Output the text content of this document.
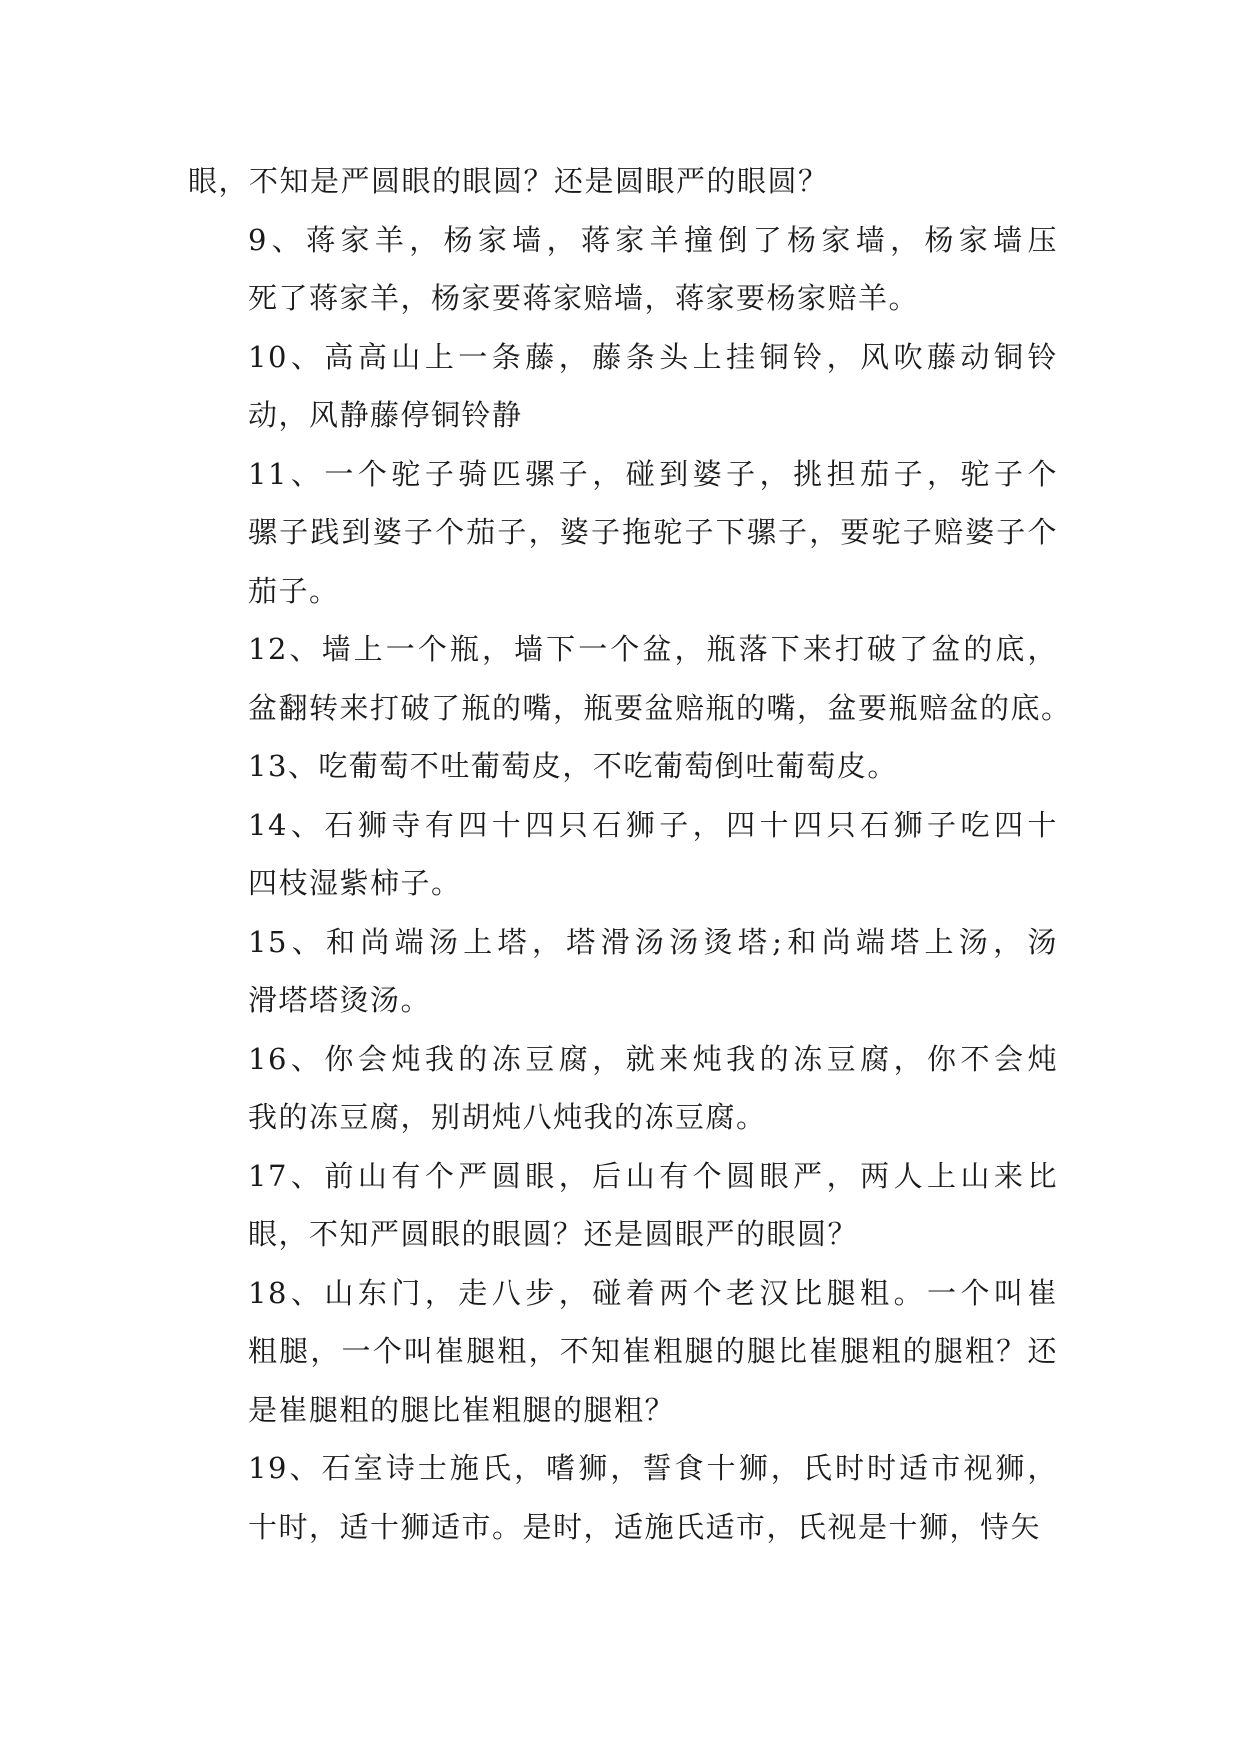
眼，不知是严圆眼的眼圆？还是圆眼严的眼圆？

9、蒋家羊，杨家墙，蒋家羊撞倒了杨家墙，杨家墙压
死了蒋家羊，杨家要蒋家赔墙，蒋家要杨家赔羊。

10、高高山上一条藤，藤条头上挂铜铃，风吹藤动铜铃
动，风静藤停铜铃静

11、一个驼子骑匹骡子，碰到婆子，挑担茄子，驼子个
骡子践到婆子个茄子，婆子拖驼子下骡子，要驼子赔婆子个
茄子。

12、墙上一个瓶，墙下一个盆，瓶落下来打破了盆的底，
盆翻转来打破了瓶的嘴，瓶要盆赔瓶的嘴，盆要瓶赔盆的底。

13、吃葡萄不吐葡萄皮，不吃葡萄倒吐葡萄皮。

14、石狮寺有四十四只石狮子，四十四只石狮子吃四十
四枝湿紫柿子。

15、和尚端汤上塔，塔滑汤汤烫塔;和尚端塔上汤，汤
滑塔塔烫汤。

16、你会炖我的冻豆腐，就来炖我的冻豆腐，你不会炖
我的冻豆腐，别胡炖八炖我的冻豆腐。

17、前山有个严圆眼，后山有个圆眼严，两人上山来比
眼，不知严圆眼的眼圆？还是圆眼严的眼圆？

18、山东门，走八步，碰着两个老汉比腿粗。一个叫崔
粗腿，一个叫崔腿粗，不知崔粗腿的腿比崔腿粗的腿粗？还
是崔腿粗的腿比崔粗腿的腿粗？

19、石室诗士施氏，嗜狮，誓食十狮，氏时时适市视狮，
十时，适十狮适市。是时，适施氏适市，氏视是十狮，恃矢
